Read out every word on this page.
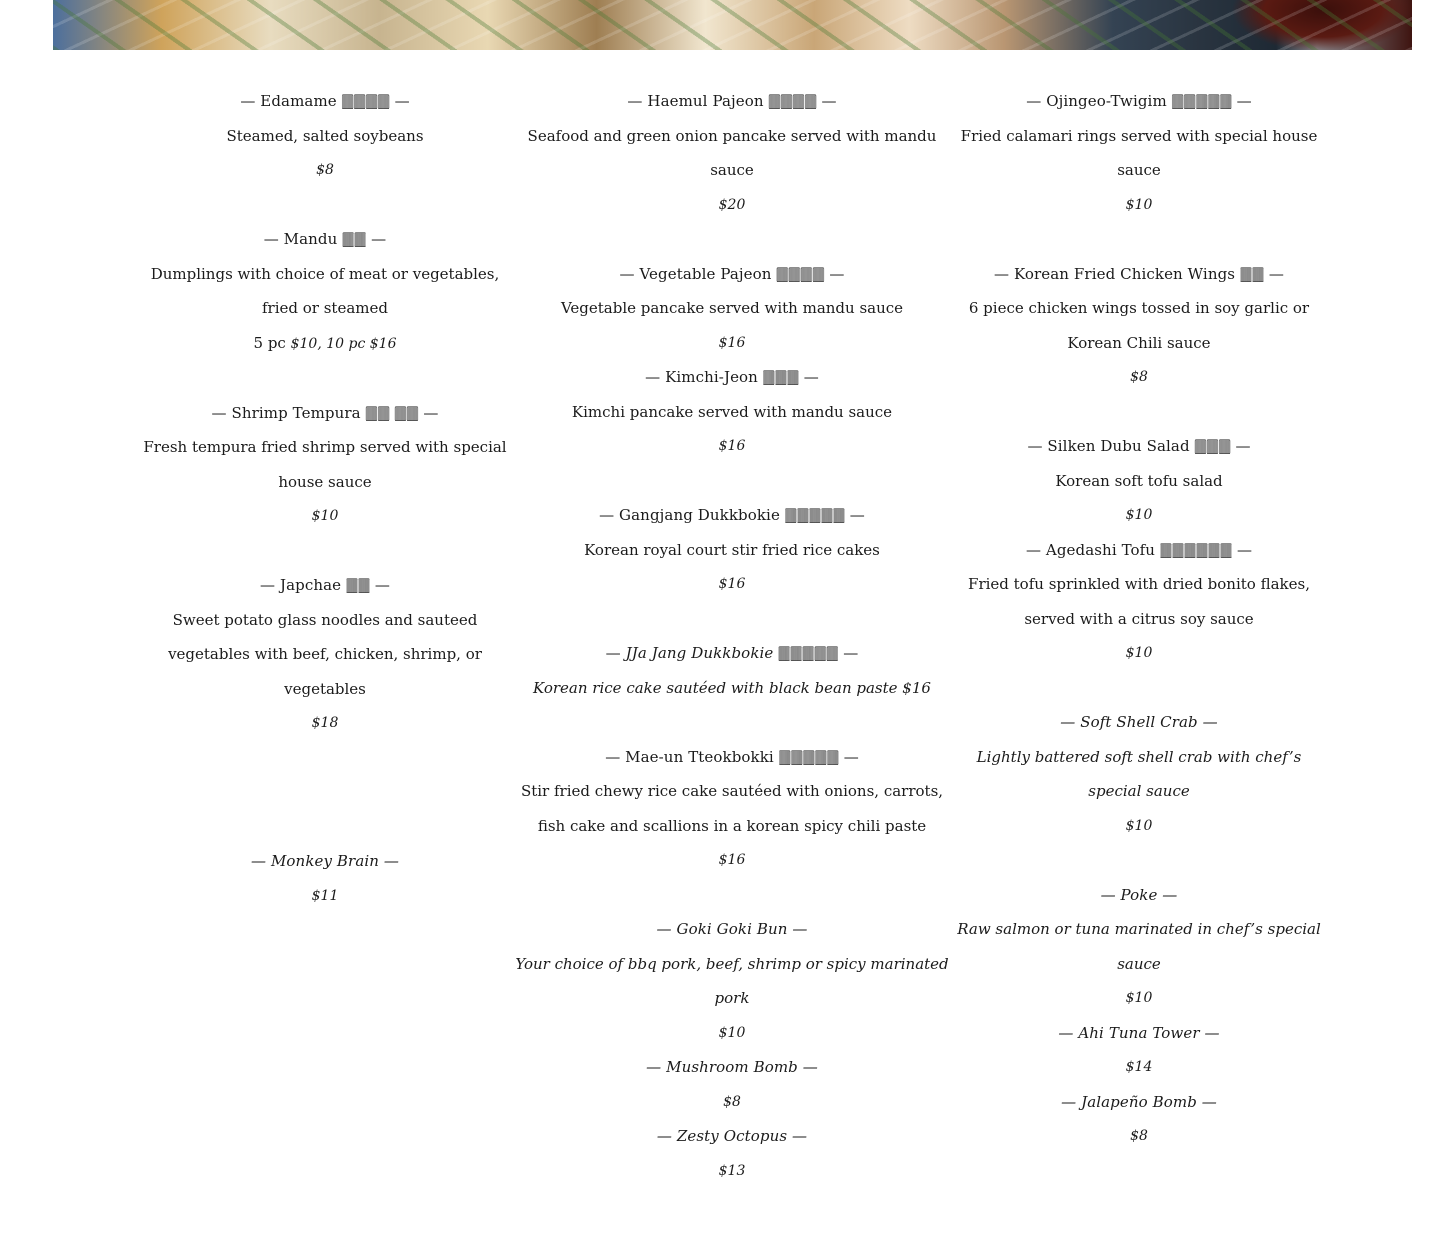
— Edamame 🀫🀫🀫🀫 —

Steamed, salted soybeans

$8

— Mandu 🀫🀫 —

Dumplings with choice of meat or vegetables, fried or steamed

5 pc $10, 10 pc $16

— Shrimp Tempura 🀫🀫 🀫🀫 —

Fresh tempura fried shrimp served with special house sauce

$10

— Japchae 🀫🀫 —

Sweet potato glass noodles and sauteed vegetables with beef, chicken, shrimp, or vegetables

$18

— Monkey Brain —

$11

— Haemul Pajeon 🀫🀫🀫🀫 —

Seafood and green onion pancake served with mandu sauce

$20

— Vegetable Pajeon 🀫🀫🀫🀫 —

Vegetable pancake served with mandu sauce

$16

— Kimchi-Jeon 🀫🀫🀫 —

Kimchi pancake served with mandu sauce

$16

— Gangjang Dukkbokie 🀫🀫🀫🀫🀫 —

Korean royal court stir fried rice cakes

$16

— JJa Jang Dukkbokie 🀫🀫🀫🀫🀫 —

Korean rice cake sautéed with black bean paste $16

— Mae-un Tteokbokki 🀫🀫🀫🀫🀫 —

Stir fried chewy rice cake sautéed with onions, carrots, fish cake and scallions in a korean spicy chili paste

$16

— Goki Goki Bun —

Your choice of bbq pork, beef, shrimp or spicy marinated pork

$10

— Mushroom Bomb —

$8

— Zesty Octopus —

$13

— Ojingeo-Twigim 🀫🀫🀫🀫🀫 —

Fried calamari rings served with special house sauce

$10

— Korean Fried Chicken Wings 🀫🀫 —

6 piece chicken wings tossed in soy garlic or Korean Chili sauce

$8

— Silken Dubu Salad 🀫🀫🀫 —

Korean soft tofu salad

$10

— Agedashi Tofu 🀫🀫🀫🀫🀫🀫 —

Fried tofu sprinkled with dried bonito flakes, served with a citrus soy sauce

$10

— Soft Shell Crab —

Lightly battered soft shell crab with chef’s special sauce

$10

— Poke —

Raw salmon or tuna marinated in chef’s special sauce

$10

— Ahi Tuna Tower —

$14

— Jalapeño Bomb —

$8
